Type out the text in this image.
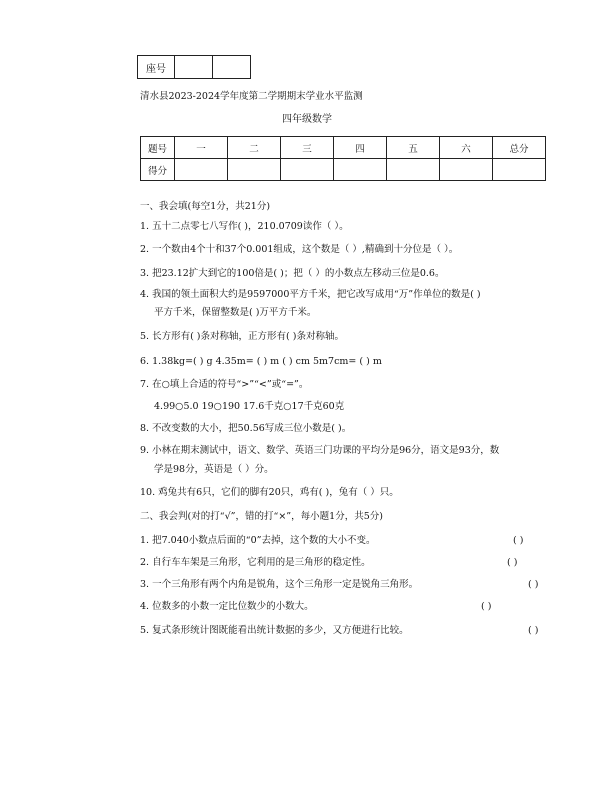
座号		
清水县2023-2024学年度第二学期期末学业水平监测
四年级数学
题号	一	二	三	四	五	六	总分
得分							
一、我会填(每空1分，共21分)
1. 五十二点零七八写作( )，210.0709读作（ ）。
2. 一个数由4个十和37个0.001组成，这个数是（ ）,精确到十分位是（ ）。
3. 把23.12扩大到它的100倍是( )；把（ ）的小数点左移动三位是0.6。
4. 我国的领土面积大约是9597000平方千米，把它改写成用“万”作单位的数是( )
平方千米，保留整数是( )万平方千米。
5. 长方形有( )条对称轴，正方形有( )条对称轴。
6. 1.38kg=( ) g 4.35m= ( ) m ( ) cm 5m7cm= ( ) m
7. 在○填上合适的符号“>”“<”或“=”。
4.99○5.0 19○190 17.6千克○17千克60克
8. 不改变数的大小，把50.56写成三位小数是( )。
9. 小林在期末测试中，语文、数学、英语三门功课的平均分是96分，语文是93分，数
学是98分，英语是（ ）分。
10. 鸡兔共有6只，它们的脚有20只，鸡有( )，兔有（ ）只。
二、我会判(对的打“√”，错的打“×”，每小题1分，共5分)
1. 把7.040小数点后面的“0”去掉，这个数的大小不变。	( )
2. 自行车车架是三角形，它利用的是三角形的稳定性。	( )
3. 一个三角形有两个内角是锐角，这个三角形一定是锐角三角形。	( )
4. 位数多的小数一定比位数少的小数大。	( )
5. 复式条形统计图既能看出统计数据的多少，又方便进行比较。	( )
